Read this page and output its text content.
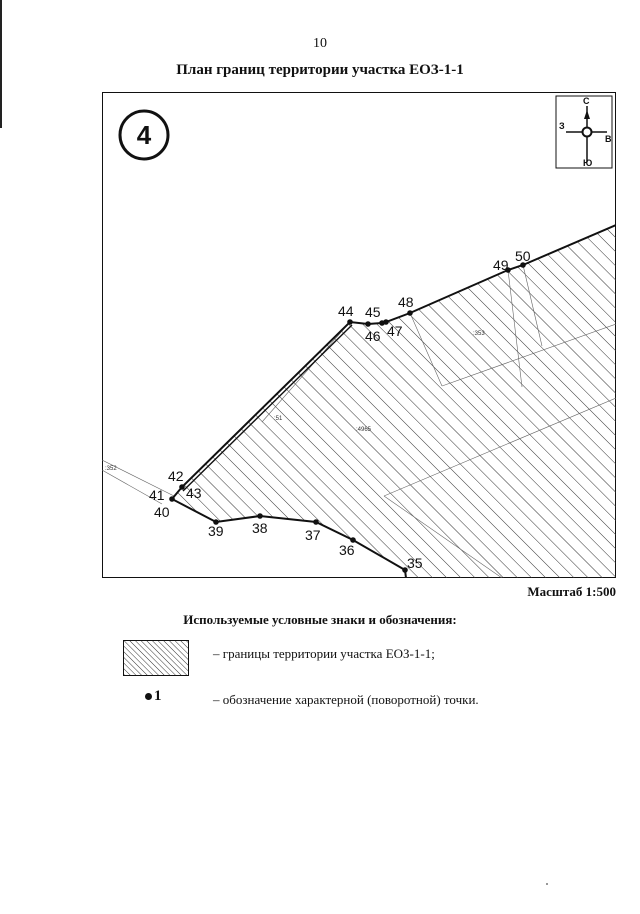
10
План границ территории участка ЕОЗ-1-1
35
36
37
38
39
40
41
42
43
44 45
46 47
48
49
50
:352
:353
:4965
:51
4
С
Ю
З
В
Масштаб 1:500
Используемые условные знаки и обозначения:
– границы территории участка ЕОЗ-1-1;
1	– обозначение характерной (поворотной) точки.
